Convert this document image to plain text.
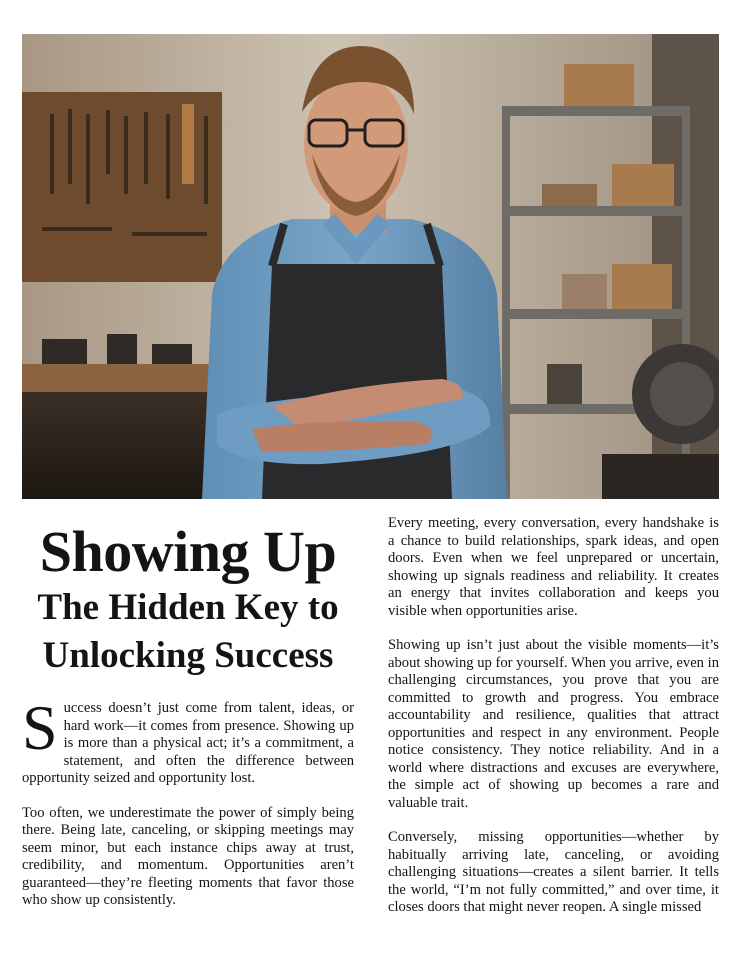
Showing Up
The Hidden Key to Unlocking Success

Success doesn’t just come from talent, ideas, or hard work—it comes from presence. Showing up is more than a physical act; it’s a commitment, a statement, and often the difference between opportunity seized and opportunity lost.

Too often, we underestimate the power of simply being there. Being late, canceling, or skipping meetings may seem minor, but each instance chips away at trust, credibility, and momentum. Opportunities aren’t guaranteed—they’re fleeting moments that favor those who show up consistently.

Every meeting, every conversation, every handshake is a chance to build relationships, spark ideas, and open doors. Even when we feel unprepared or uncertain, showing up signals readiness and reliability. It creates an energy that invites collaboration and keeps you visible when opportunities arise.

Showing up isn’t just about the visible moments—it’s about showing up for yourself. When you arrive, even in challenging circumstances, you prove that you are committed to growth and progress. You embrace accountability and resilience, qualities that attract opportunities and respect in any environment. People notice consistency. They notice reliability. And in a world where distractions and excuses are everywhere, the simple act of showing up becomes a rare and valuable trait.

Conversely, missing opportunities—whether by habitually arriving late, canceling, or avoiding challenging situations—creates a silent barrier. It tells the world, “I’m not fully committed,” and over time, it closes doors that might never reopen. A single missed
